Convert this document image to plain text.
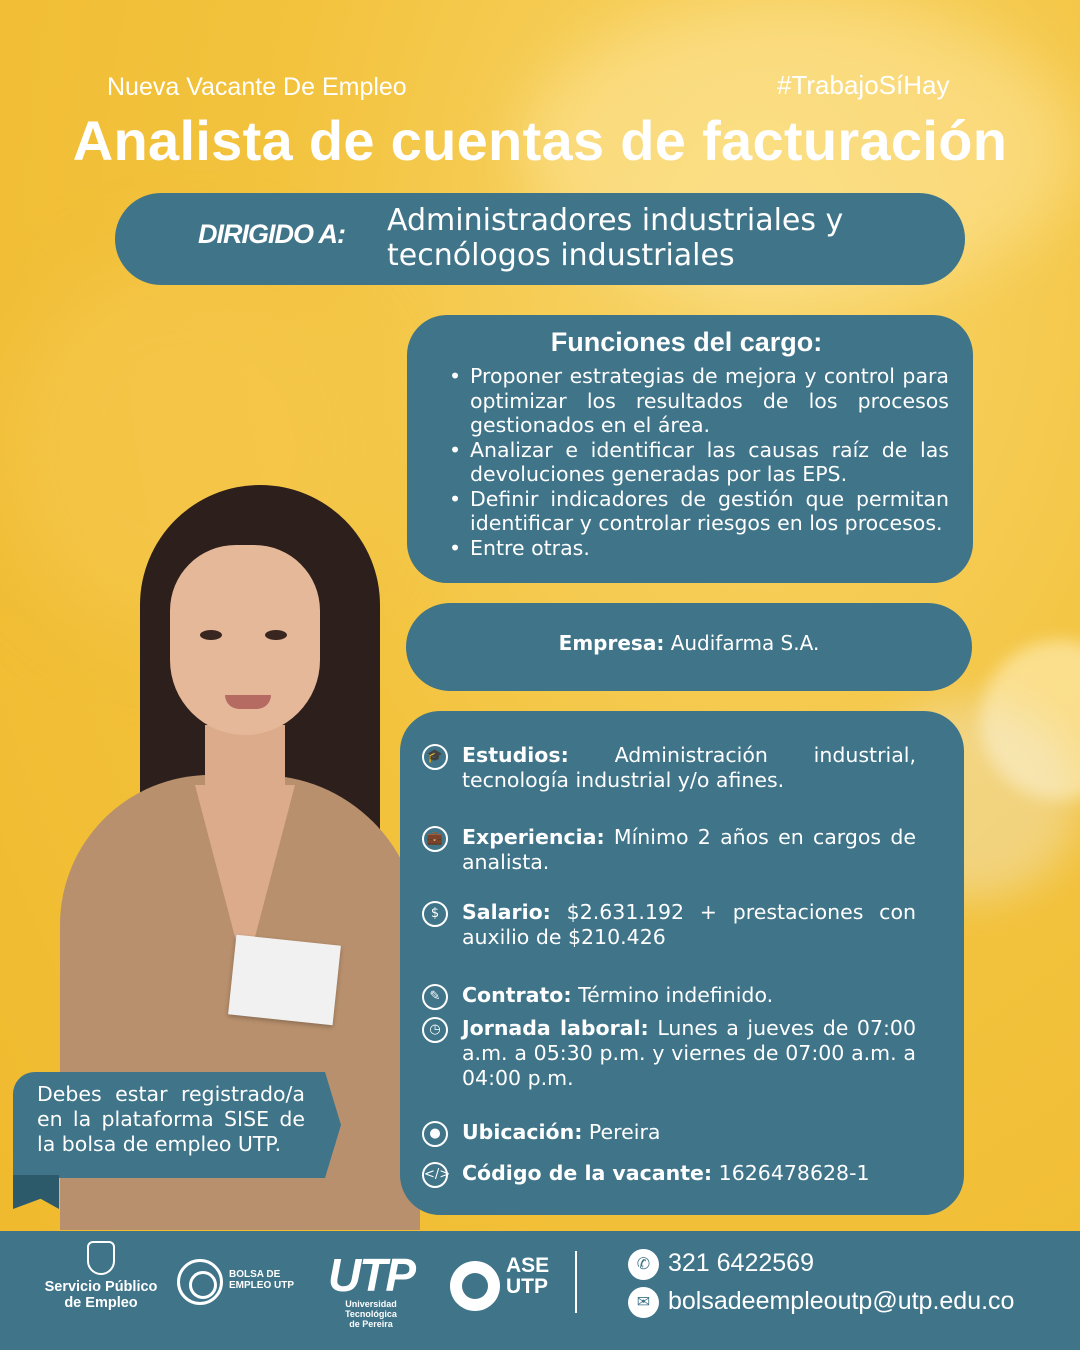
Nueva Vacante De Empleo	#TrabajoSíHay
Analista de cuentas de facturación
DIRIGIDO A: Administradores industriales y
tecnólogos industriales
Funciones del cargo:
• Proponer estrategias de mejora y control para optimizar los resultados de los procesos gestionados en el área.
• Analizar e identificar las causas raíz de las devoluciones generadas por las EPS.
• Definir indicadores de gestión que permitan identificar y controlar riesgos en los procesos.
• Entre otras.
Empresa: Audifarma S.A.
🎓 Estudios: Administración industrial, tecnología industrial y/o afines.
💼 Experiencia: Mínimo 2 años en cargos de analista.
$	Salario: $2.631.192 + prestaciones con auxilio de $210.426
✎	Contrato: Término indefinido.
◷	Jornada laboral: Lunes a jueves de 07:00 a.m. a 05:30 p.m. y viernes de 07:00 a.m. a 04:00 p.m.
●	Ubicación: Pereira
</> Código de la vacante: 1626478628-1
Debes estar registrado/a en la plataforma SISE de la bolsa de empleo UTP.
Servicio Público
de Empleo
BOLSA DE
EMPLEO UTP UTP
Universidad Tecnológica
de Pereira
ASE
UTP
✆ 321 6422569
✉ bolsadeempleoutp@utp.edu.co
